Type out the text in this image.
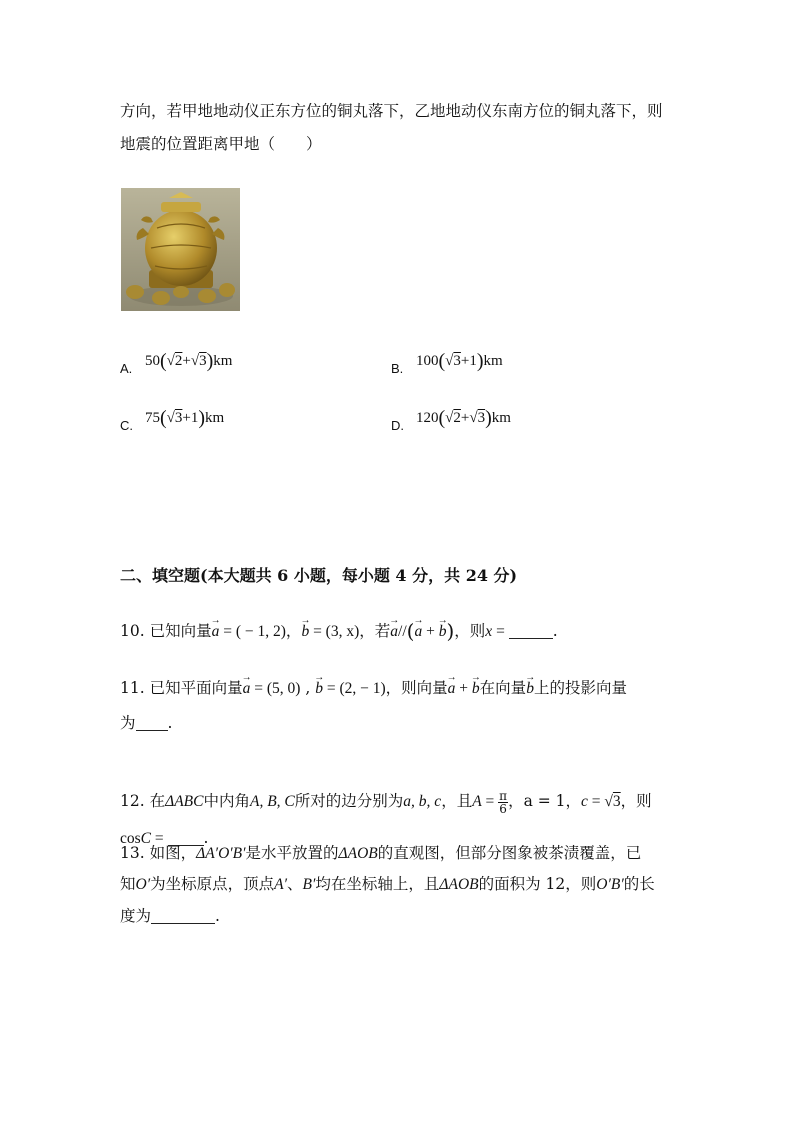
方向，若甲地地动仪正东方位的铜丸落下，乙地地动仪东南方位的铜丸落下，则
地震的位置距离甲地（　　）
A. 50(√2+√3)km	B. 100(√3+1)km
C. 75(√3+1)km	D. 120(√2+√3)km
二、填空题(本大题共 6 小题，每小题 4 分，共 24 分)
10. 已知向量→ a = ( − 1, 2)，→ b = (3, x)，若→ a//(→ a + → b)，则x =	.
11. 已知平面向量→ a = (5, 0) , → b = (2, − 1)，则向量→ a + → b在向量→ b上的投影向量
为 .
12. 在ΔABC中内角A, B, C所对的边分别为a, b, c，且$A = \frac{\pi}{6}$ ，a = 1，c = √3，则
cosC = .
13. 如图，ΔA′O′B′是水平放置的ΔAOB的直观图，但部分图象被茶渍覆盖，已
知O′为坐标原点，顶点A′、B′均在坐标轴上，且ΔAOB的面积为 12，则O′B′的长
度为	.
